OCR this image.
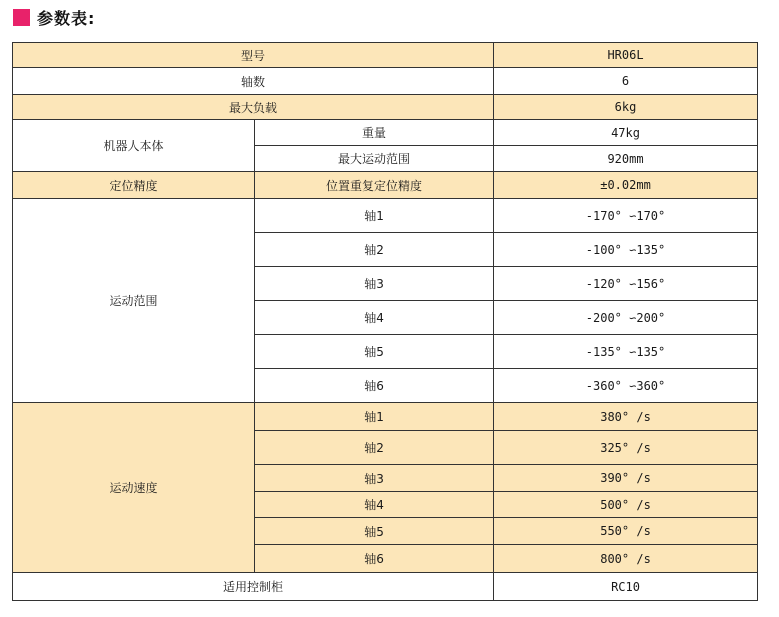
参数表:
型号		HR06L
轴数		6
最大负载		6kg
机器人本体	重量	47kg
	最大运动范围	920mm
定位精度	位置重复定位精度	±0.02mm
运动范围	轴1	-170° ∽170°
	轴2	-100° ∽135°
	轴3	-120° ∽156°
	轴4	-200° ∽200°
	轴5	-135° ∽135°
	轴6	-360° ∽360°
运动速度	轴1	380° /s
	轴2	325° /s
	轴3	390° /s
	轴4	500° /s
	轴5	550° /s
	轴6	800° /s
适用控制柜		RC10
